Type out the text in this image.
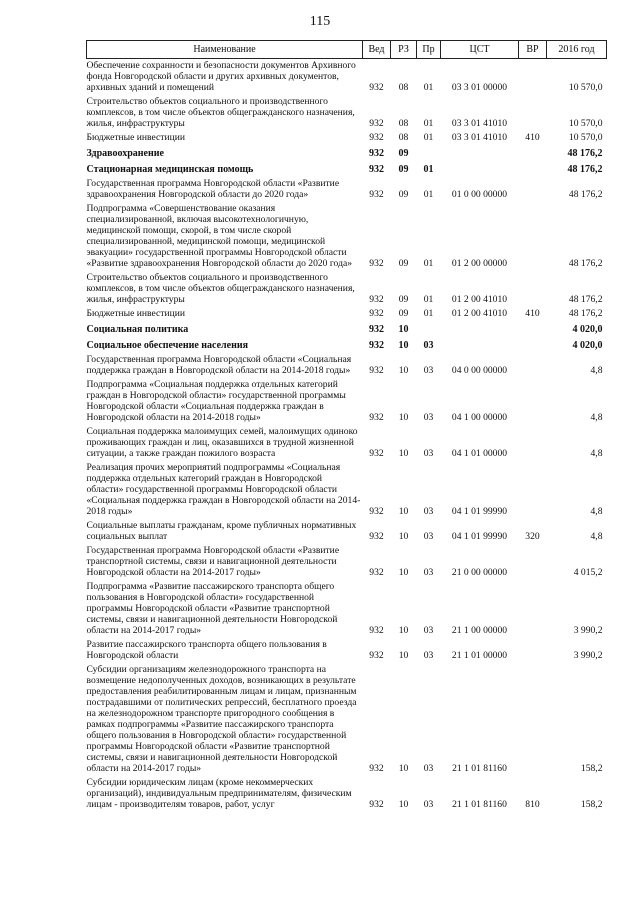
115
Наименование	Вед	РЗ	Пр	ЦСТ	ВР	2016 год
Обеспечение сохранности и безопасности документов Архивного фонда Новгородской области и других архивных документов, архивных зданий и помещений	932	08	01	03 3 01 00000		10 570,0
Строительство объектов социального и производственного комплексов, в том числе объектов общегражданского назначения, жилья, инфраструктуры	932	08	01	03 3 01 41010		10 570,0
Бюджетные инвестиции	932	08	01	03 3 01 41010	410	10 570,0
Здравоохранение	932	09				48 176,2
Стационарная медицинская помощь	932	09	01			48 176,2
Государственная программа Новгородской области «Развитие здравоохранения Новгородской области до 2020 года»	932	09	01	01 0 00 00000		48 176,2
Подпрограмма «Совершенствование оказания специализированной, включая высокотехнологичную, медицинской помощи, скорой, в том числе скорой специализированной, медицинской помощи, медицинской эвакуации» государственной программы Новгородской области «Развитие здравоохранения Новгородской области до 2020 года»	932	09	01	01 2 00 00000		48 176,2
Строительство объектов социального и производственного комплексов, в том числе объектов общегражданского назначения, жилья, инфраструктуры	932	09	01	01 2 00 41010		48 176,2
Бюджетные инвестиции	932	09	01	01 2 00 41010	410	48 176,2
Социальная политика	932	10				4 020,0
Социальное обеспечение населения	932	10	03			4 020,0
Государственная программа Новгородской области «Социальная поддержка граждан в Новгородской области на 2014-2018 годы»	932	10	03	04 0 00 00000		4,8
Подпрограмма «Социальная поддержка отдельных категорий граждан в Новгородской области» государственной программы Новгородской области «Социальная поддержка граждан в Новгородской области на 2014-2018 годы»	932	10	03	04 1 00 00000		4,8
Социальная поддержка малоимущих семей, малоимущих одиноко проживающих граждан и лиц, оказавшихся в трудной жизненной ситуации, а также граждан пожилого возраста	932	10	03	04 1 01 00000		4,8
Реализация прочих мероприятий подпрограммы «Социальная поддержка отдельных категорий граждан в Новгородской области» государственной программы Новгородской области «Социальная поддержка граждан в Новгородской области на 2014-2018 годы»	932	10	03	04 1 01 99990		4,8
Социальные выплаты гражданам, кроме публичных нормативных социальных выплат	932	10	03	04 1 01 99990	320	4,8
Государственная программа Новгородской области «Развитие транспортной системы, связи и навигационной деятельности Новгородской области на 2014-2017 годы»	932	10	03	21 0 00 00000		4 015,2
Подпрограмма «Развитие пассажирского транспорта общего пользования в Новгородской области» государственной программы Новгородской области «Развитие транспортной системы, связи и навигационной деятельности Новгородской области на 2014-2017 годы»	932	10	03	21 1 00 00000		3 990,2
Развитие пассажирского транспорта общего пользования в Новгородской области	932	10	03	21 1 01 00000		3 990,2
Субсидии организациям железнодорожного транспорта на возмещение недополученных доходов, возникающих в результате предоставления реабилитированным лицам и лицам, признанным пострадавшими от политических репрессий, бесплатного проезда на железнодорожном транспорте пригородного сообщения в рамках подпрограммы «Развитие пассажирского транспорта общего пользования в Новгородской области» государственной программы Новгородской области «Развитие транспортной системы, связи и навигационной деятельности Новгородской области на 2014-2017 годы»	932	10	03	21 1 01 81160		158,2
Субсидии юридическим лицам (кроме некоммерческих организаций), индивидуальным предпринимателям, физическим лицам - производителям товаров, работ, услуг	932	10	03	21 1 01 81160	810	158,2
